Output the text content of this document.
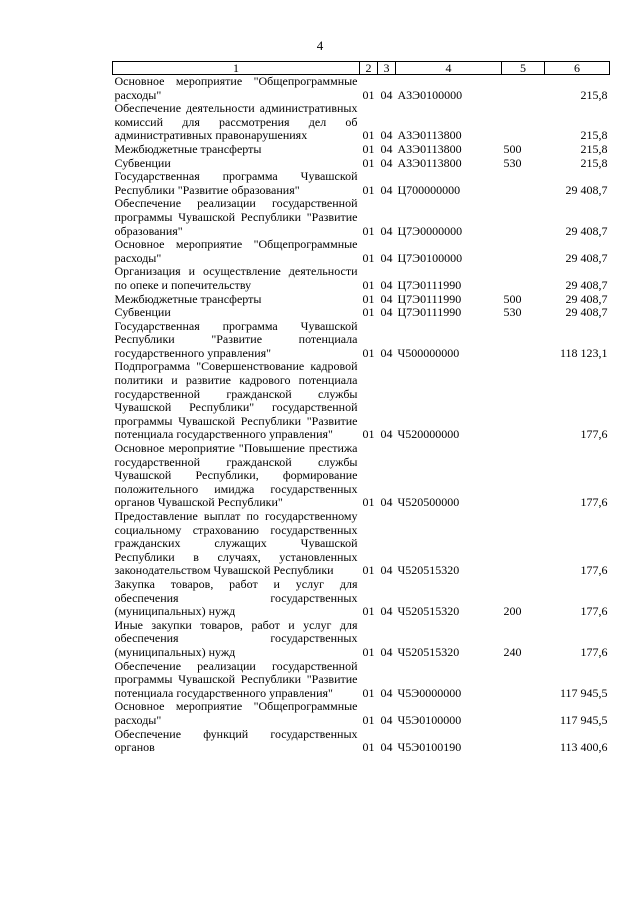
4
1	2	3	4	5	6
Основное мероприятие "Общепрограммные расходы"	01	04	А3Э0100000		215,8
Обеспечение деятельности административных комиссий для рассмотрения дел об административных правонарушениях	01	04	А3Э0113800		215,8
Межбюджетные трансферты	01	04	А3Э0113800	500	215,8
Субвенции	01	04	А3Э0113800	530	215,8
Государственная программа Чувашской Республики "Развитие образования"	01	04	Ц700000000		29 408,7
Обеспечение реализации государственной программы Чувашской Республики "Развитие образования"	01	04	Ц7Э0000000		29 408,7
Основное мероприятие "Общепрограммные расходы"	01	04	Ц7Э0100000		29 408,7
Организация и осуществление деятельности по опеке и попечительству	01	04	Ц7Э0111990		29 408,7
Межбюджетные трансферты	01	04	Ц7Э0111990	500	29 408,7
Субвенции	01	04	Ц7Э0111990	530	29 408,7
Государственная программа Чувашской Республики "Развитие потенциала государственного управления"	01	04	Ч500000000		118 123,1
Подпрограмма "Совершенствование кадровой политики и развитие кадрового потенциала государственной гражданской службы Чувашской Республики" государственной программы Чувашской Республики "Развитие потенциала государственного управления"	01	04	Ч520000000		177,6
Основное мероприятие "Повышение престижа государственной гражданской службы Чувашской Республики, формирование положительного имиджа государственных органов Чувашской Республики"	01	04	Ч520500000		177,6
Предоставление выплат по государственному социальному страхованию государственных гражданских служащих Чувашской Республики в случаях, установленных законодательством Чувашской Республики	01	04	Ч520515320		177,6
Закупка товаров, работ и услуг для обеспечения государственных (муниципальных) нужд	01	04	Ч520515320	200	177,6
Иные закупки товаров, работ и услуг для обеспечения государственных (муниципальных) нужд	01	04	Ч520515320	240	177,6
Обеспечение реализации государственной программы Чувашской Республики "Развитие потенциала государственного управления"	01	04	Ч5Э0000000		117 945,5
Основное мероприятие "Общепрограммные расходы"	01	04	Ч5Э0100000		117 945,5
Обеспечение функций государственных органов	01	04	Ч5Э0100190		113 400,6
